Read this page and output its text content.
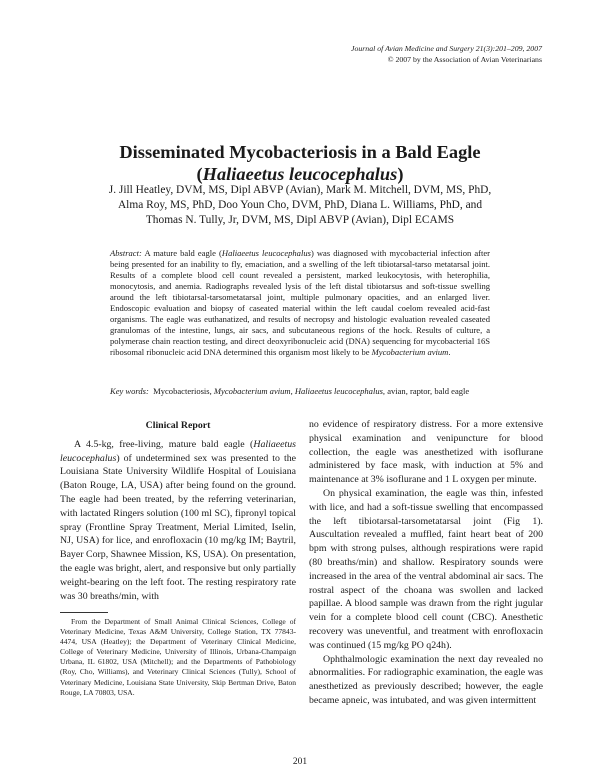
Journal of Avian Medicine and Surgery 21(3):201–209, 2007
© 2007 by the Association of Avian Veterinarians
Disseminated Mycobacteriosis in a Bald Eagle
(Haliaeetus leucocephalus)
J. Jill Heatley, DVM, MS, Dipl ABVP (Avian), Mark M. Mitchell, DVM, MS, PhD,
Alma Roy, MS, PhD, Doo Youn Cho, DVM, PhD, Diana L. Williams, PhD, and
Thomas N. Tully, Jr, DVM, MS, Dipl ABVP (Avian), Dipl ECAMS
Abstract: A mature bald eagle (Haliaeetus leucocephalus) was diagnosed with mycobacterial infection after being presented for an inability to fly, emaciation, and a swelling of the left tibiotarsal-tarso metatarsal joint. Results of a complete blood cell count revealed a persistent, marked leukocytosis, with heterophilia, monocytosis, and anemia. Radiographs revealed lysis of the left distal tibiotarsus and soft-tissue swelling around the left tibiotarsal-tarsometatarsal joint, multiple pulmonary opacities, and an enlarged liver. Endoscopic evaluation and biopsy of caseated material within the left caudal coelom revealed acid-fast organisms. The eagle was euthanatized, and results of necropsy and histologic evaluation revealed caseated granulomas of the intestine, lungs, air sacs, and subcutaneous regions of the hock. Results of culture, a polymerase chain reaction testing, and direct deoxyribonucleic acid (DNA) sequencing for mycobacterial 16S ribosomal ribonucleic acid DNA determined this organism most likely to be Mycobacterium avium.
Key words: Mycobacteriosis, Mycobacterium avium, Haliaeetus leucocephalus, avian, raptor, bald eagle
Clinical Report

A 4.5-kg, free-living, mature bald eagle (Haliaeetus leucocephalus) of undetermined sex was presented to the Louisiana State University Wildlife Hospital of Louisiana (Baton Rouge, LA, USA) after being found on the ground. The eagle had been treated, by the referring veterinarian, with lactated Ringers solution (100 ml SC), fipronyl topical spray (Frontline Spray Treatment, Merial Limited, Iselin, NJ, USA) for lice, and enrofloxacin (10 mg/kg IM; Baytril, Bayer Corp, Shawnee Mission, KS, USA). On presentation, the eagle was bright, alert, and responsive but only partially weight-bearing on the left foot. The resting respiratory rate was 30 breaths/min, with

From the Department of Small Animal Clinical Sciences, College of Veterinary Medicine, Texas A&M University, College Station, TX 77843-4474, USA (Heatley); the Department of Veterinary Clinical Medicine, College of Veterinary Medicine, University of Illinois, Urbana-Champaign Urbana, IL 61802, USA (Mitchell); and the Departments of Pathobiology (Roy, Cho, Williams), and Veterinary Clinical Sciences (Tully), School of Veterinary Medicine, Louisiana State University, Skip Bertman Drive, Baton Rouge, LA 70803, USA.

no evidence of respiratory distress. For a more extensive physical examination and venipuncture for blood collection, the eagle was anesthetized with isoflurane administered by face mask, with induction at 5% and maintenance at 3% isoflurane and 1 L oxygen per minute.

On physical examination, the eagle was thin, infested with lice, and had a soft-tissue swelling that encompassed the left tibiotarsal-tarsometatarsal joint (Fig 1). Auscultation revealed a muffled, faint heart beat of 200 bpm with strong pulses, although respirations were rapid (80 breaths/min) and shallow. Respiratory sounds were increased in the area of the ventral abdominal air sacs. The rostral aspect of the choana was swollen and lacked papillae. A blood sample was drawn from the right jugular vein for a complete blood cell count (CBC). Anesthetic recovery was uneventful, and treatment with enrofloxacin was continued (15 mg/kg PO q24h).

Ophthalmologic examination the next day revealed no abnormalities. For radiographic examination, the eagle was anesthetized as previously described; however, the eagle became apneic, was intubated, and was given intermittent

201
